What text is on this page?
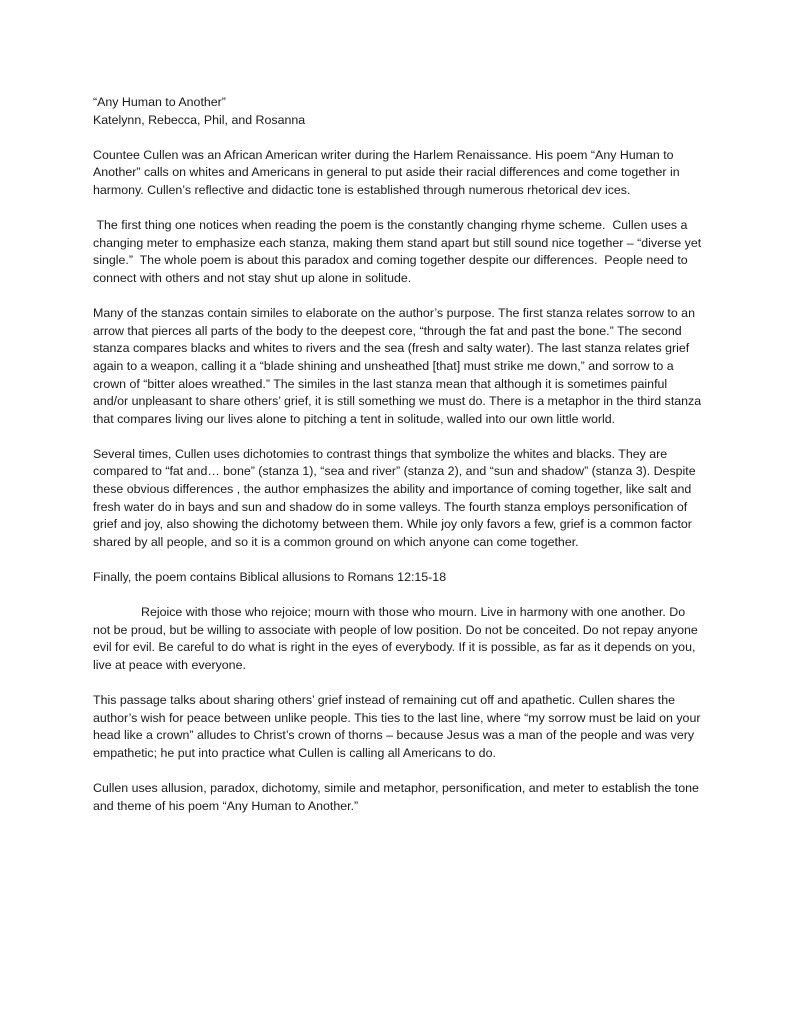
“Any Human to Another”

Katelynn, Rebecca, Phil, and Rosanna

Countee Cullen was an African American writer during the Harlem Renaissance. His poem “Any Human to Another” calls on whites and Americans in general to put aside their racial differences and come together in harmony. Cullen’s reflective and didactic tone is established through numerous rhetorical dev ices.

The first thing one notices when reading the poem is the constantly changing rhyme scheme.  Cullen uses a changing meter to emphasize each stanza, making them stand apart but still sound nice together – “diverse yet single.”  The whole poem is about this paradox and coming together despite our differences.  People need to connect with others and not stay shut up alone in solitude.

Many of the stanzas contain similes to elaborate on the author’s purpose. The first stanza relates sorrow to an arrow that pierces all parts of the body to the deepest core, “through the fat and past the bone.” The second stanza compares blacks and whites to rivers and the sea (fresh and salty water). The last stanza relates grief again to a weapon, calling it a “blade shining and unsheathed [that] must strike me down,” and sorrow to a crown of “bitter aloes wreathed.” The similes in the last stanza mean that although it is sometimes painful and/or unpleasant to share others’ grief, it is still something we must do. There is a metaphor in the third stanza that compares living our lives alone to pitching a tent in solitude, walled into our own little world.

Several times, Cullen uses dichotomies to contrast things that symbolize the whites and blacks. They are compared to “fat and… bone” (stanza 1), “sea and river” (stanza 2), and “sun and shadow” (stanza 3). Despite these obvious differences , the author emphasizes the ability and importance of coming together, like salt and fresh water do in bays and sun and shadow do in some valleys. The fourth stanza employs personification of grief and joy, also showing the dichotomy between them. While joy only favors a few, grief is a common factor shared by all people, and so it is a common ground on which anyone can come together.

Finally, the poem contains Biblical allusions to Romans 12:15-18

Rejoice with those who rejoice; mourn with those who mourn. Live in harmony with one another. Do not be proud, but be willing to associate with people of low position. Do not be conceited. Do not repay anyone evil for evil. Be careful to do what is right in the eyes of everybody. If it is possible, as far as it depends on you, live at peace with everyone.

This passage talks about sharing others’ grief instead of remaining cut off and apathetic. Cullen shares the author’s wish for peace between unlike people. This ties to the last line, where “my sorrow must be laid on your head like a crown” alludes to Christ’s crown of thorns – because Jesus was a man of the people and was very empathetic; he put into practice what Cullen is calling all Americans to do.

Cullen uses allusion, paradox, dichotomy, simile and metaphor, personification, and meter to establish the tone and theme of his poem “Any Human to Another.”
